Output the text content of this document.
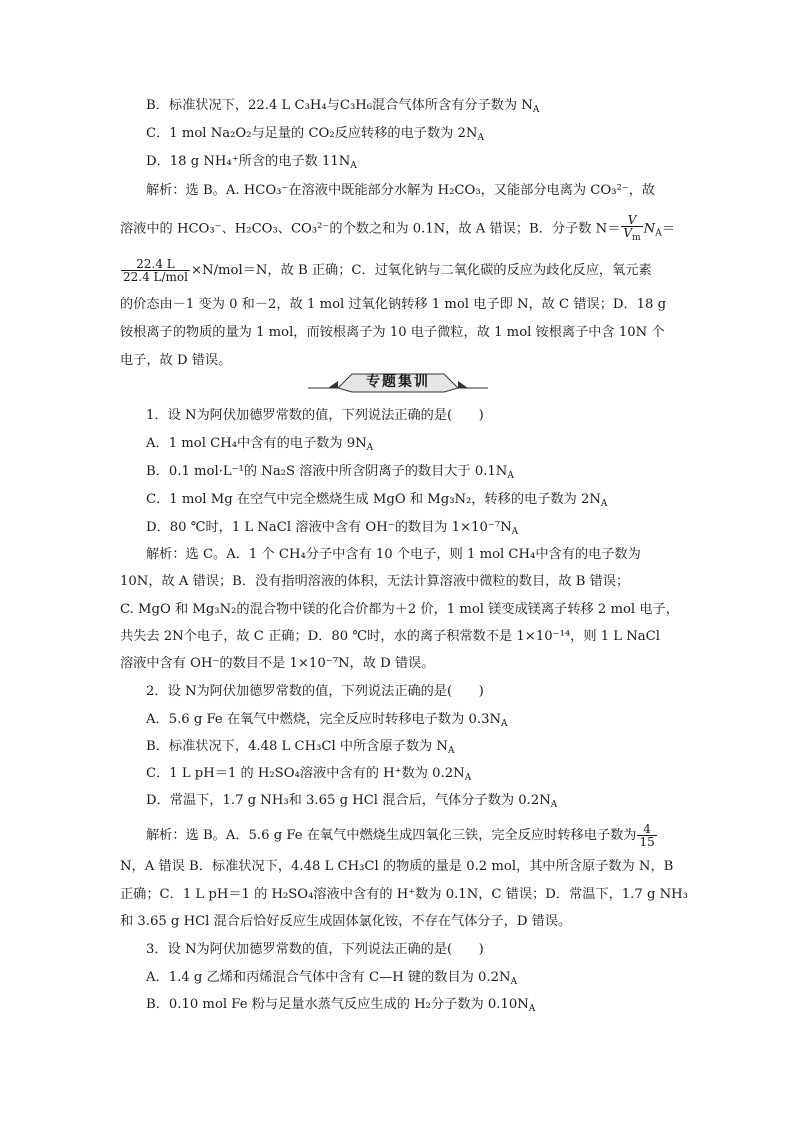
B．标准状况下，22.4 L C₃H₄与C₃H₆混合气体所含有分子数为 $N_A$
C．1 mol Na₂O₂与足量的 CO₂反应转移的电子数为 $2N_A$
D．18 g NH₄⁺所含的电子数 $11N_A$
解析：选 B。A. HCO₃⁻在溶液中既能部分水解为 H₂CO₃，又能部分电离为 CO₃²⁻，故
溶液中的 HCO₃⁻、H₂CO₃、CO₃²⁻的个数之和为 0.1N，故 A 错误；B．分子数 $N= \frac{V}{V_m} N_A=$
$\frac{22.4 L}{\text{22.4 L/mol}} \times N/mol=N$，故 B 正确；C．过氧化钠与二氧化碳的反应为歧化反应，氧元素
的价态由－1 变为 0 和－2，故 1 mol 过氧化钠转移 1 mol 电子即 N，故 C 错误；D．18 g
铵根离子的物质的量为 1 mol，而铵根离子为 10 电子微粒，故 1 mol 铵根离子中含 10N 个
电子，故 D 错误。
专题集训
1．设 N为阿伏加德罗常数的值，下列说法正确的是(　　)
A．1 mol CH₄中含有的电子数为 $9N_A$
B．0.1 mol·L⁻¹的 Na₂S 溶液中所含阴离子的数目大于 $0.1N_A$
C．1 mol Mg 在空气中完全燃烧生成 MgO 和 Mg₃N₂，转移的电子数为 $2N_A$
D．80 ℃时，1 L NaCl 溶液中含有 OH⁻的数目为 $1\times 10^{-7}N_A$
解析：选 C。A．1 个 CH₄分子中含有 10 个电子，则 1 mol CH₄中含有的电子数为
10N，故 A 错误；B．没有指明溶液的体积，无法计算溶液中微粒的数目，故 B 错误；
C. MgO 和 Mg₃N₂的混合物中镁的化合价都为＋2 价，1 mol 镁变成镁离子转移 2 mol 电子，
共失去 2N个电子，故 C 正确；D．80 ℃时，水的离子积常数不是 1×10⁻¹⁴，则 1 L NaCl
溶液中含有 OH⁻的数目不是 1×10⁻⁷N，故 D 错误。
2．设 N为阿伏加德罗常数的值，下列说法正确的是(　　)
A．5.6 g Fe 在氧气中燃烧，完全反应时转移电子数为 $0.3N_A$
B．标准状况下，4.48 L CH₃Cl 中所含原子数为 $N_A$
C．1 L pH＝1 的 H₂SO₄溶液中含有的 H⁺数为 $0.2N_A$
D．常温下，1.7 g NH₃和 3.65 g HCl 混合后，气体分子数为 $0.2N_A$
解析：选 B。A．5.6 g Fe 在氧气中燃烧生成四氧化三铁，完全反应时转移电子数为 $\frac{4}{15}$
N，A 错误 B．标准状况下，4.48 L CH₃Cl 的物质的量是 0.2 mol，其中所含原子数为 N，B
正确；C．1 L pH＝1 的 H₂SO₄溶液中含有的 H⁺数为 0.1N，C 错误；D．常温下，1.7 g NH₃
和 3.65 g HCl 混合后恰好反应生成固体氯化铵，不存在气体分子，D 错误。
3．设 N为阿伏加德罗常数的值，下列说法正确的是(　　)
A．1.4 g 乙烯和丙烯混合气体中含有 C—H 键的数目为 $0.2N_A$
B．0.10 mol Fe 粉与足量水蒸气反应生成的 H₂分子数为 $0.10N_A$
